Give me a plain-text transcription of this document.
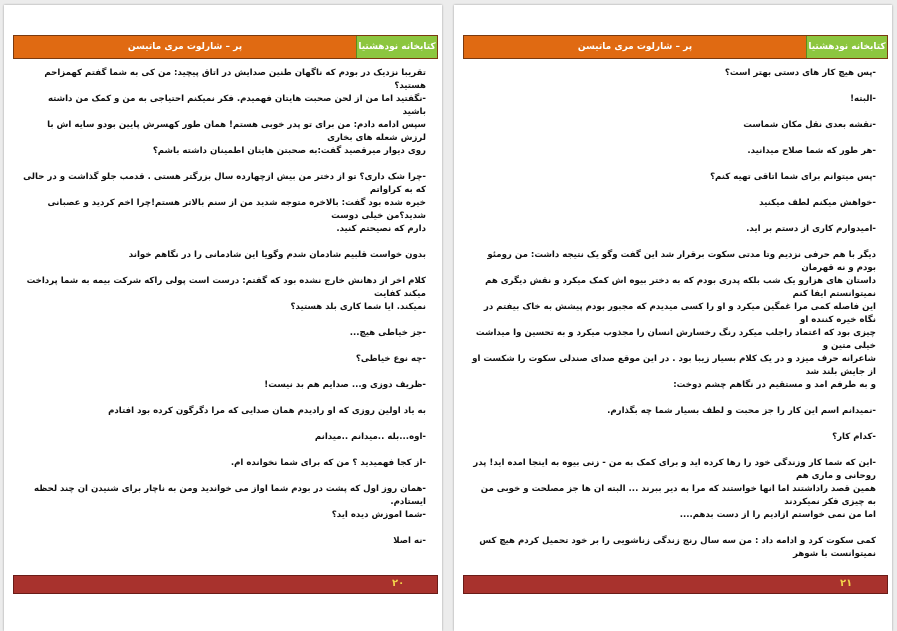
پر – شارلوت مری ماتیسن	کتابخانه نودهشتیا

تقریبا نزدیک در بودم که ناگهان طنین صدایش در اتاق پیچید: من کی به شما گفتم کهمزاحم هستید؟

-نگفتید اما من از لحن صحبت هایتان فهمیدم. فکر نمیکنم احتیاجی به من و کمک من داشته باشید

سپس ادامه دادم: من برای تو پدر خوبی هستم! همان طور کهسرش پایین بودو سایه اش با لرزش شعله های بخاری

روی دیوار میرقصید گفت:به صحبتن هایتان اطمینان داشته باشم؟

-چرا شک داری؟ تو از دختر من بیش ازچهارده سال بزرگتر هستی . قدمب جلو گذاشت و در حالی که به کراواتم

خیره شده بود گفت: بالاخره متوجه شدید من از سنم بالاتر هستم!چرا اخم کردید و عصبانی شدید؟من خیلی دوست

دارم که نصیحتم کنید.

بدون خواست قلبیم شادمان شدم وگویا این شادمانی را در نگاهم خواند

کلام اخر از دهانش خارج نشده بود که گفتم: درست است پولی راکه شرکت بیمه به شما پرداخت میکند کفایت

نمیکند. ایا شما کاری بلد هستید؟

-جز خیاطی هیچ...

-چه نوع خیاطی؟

-ظریف دوزی و... صدایم هم بد نیست!

به یاد اولین روزی که او رادیدم همان صدایی که مرا دگرگون کرده بود افتادم

-اوه...بله ..میدانم ..میدانم

-از کجا فهمیدید ؟ من که برای شما نخوانده ام.

-همان روز اول که پشت در بودم شما اواز می خواندید ومن به ناچار برای شنیدن ان چند لحظه ایستادم.

-شما اموزش دیده اید؟

-نه اصلا

۲۰
پر – شارلوت مری ماتیسن	کتابخانه نودهشتیا

-پس هیچ کار های دستی بهتر است؟

-البته!

-نقشه بعدی نقل مکان شماست

-هر طور که شما صلاح میدانید.

-پس میتوانم برای شما اتاقی تهیه کنم؟

-خواهش میکنم لطف میکنید

-امیدوارم کاری از دستم بر اید.

دیگر با هم حرفی نزدیم وتا مدتی سکوت برقرار شد این گفت وگو یک نتیجه داشت: من رومئو بودم و نه قهرمان

داستان های هزارو یک شب بلکه پدری بودم که به دختر بیوه اش کمک میکرد و نقش دیگری هم نمیتوانستم ایفا کنم

این فاصله کمی مرا غمگین میکرد و او را کسی میدیدم که مجبور بودم پیشش به خاک بیفتم در نگاه خیره کننده او

چیزی بود که اعتماد راجلب میکرد رنگ رخسارش انسان را مجذوب میکرد و به تحسین وا میداشت خیلی متین و

شاعرانه حرف میزد و در یک کلام بسیار زیبا بود . در این موقع صدای صندلی سکوت را شکست او از جایش بلند شد

و به طرفم امد و مستقیم در نگاهم چشم دوخت:

-نمیدانم اسم این کار را جز محبت و لطف بسیار شما چه بگذارم.

-کدام کار؟

-این که شما کار وزندگی خود را رها کرده اید و برای کمک به من - زنی بیوه به اینجا امده اید! پدر روحانی و ماری هم

همین قصد راداشتند اما انها خواستند که مرا به دیر ببرند ... البته ان ها جز مصلحت و خوبی من به چیزی فکر نمیکردند

اما من نمی خواستم ازادیم را از دست بدهم....

کمی سکوت کرد و ادامه داد : من سه سال رنج زندگی زناشویی را بر خود تحمیل کردم هیچ کس نمیتوانست با شوهر

۲۱
